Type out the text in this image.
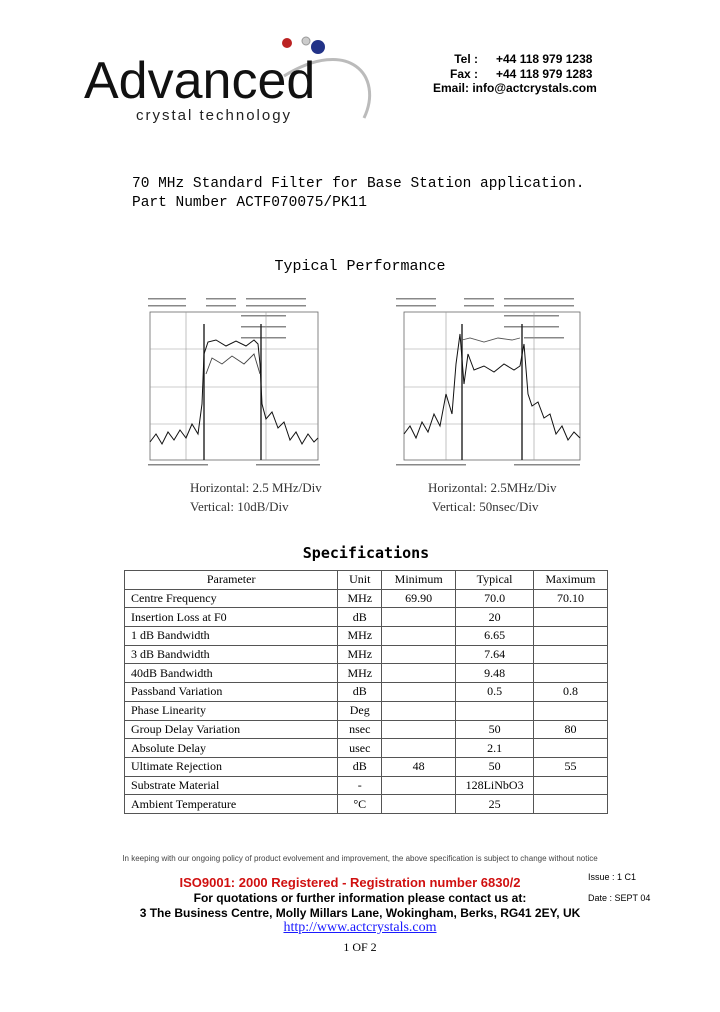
Advanced
crystal technology
Tel : +44 118 979 1238
Fax : +44 118 979 1283
Email: info@actcrystals.com
70 MHz Standard Filter for Base Station application.
Part Number ACTF070075/PK11
Typical Performance
Horizontal: 2.5 MHz/Div
Vertical: 10dB/Div
Horizontal: 2.5MHz/Div
Vertical: 50nsec/Div
Specifications
Parameter	Unit	Minimum	Typical	Maximum
Centre Frequency	MHz	69.90	70.0	70.10
Insertion Loss at F0	dB		20	
1 dB Bandwidth	MHz		6.65	
3 dB Bandwidth	MHz		7.64	
40dB Bandwidth	MHz		9.48	
Passband Variation	dB		0.5	0.8
Phase Linearity	Deg			
Group Delay Variation	nsec		50	80
Absolute Delay	usec		2.1	
Ultimate Rejection	dB	48	50	55
Substrate Material	-		128LiNbO3	
Ambient Temperature	°C		25	
In keeping with our ongoing policy of product evolvement and improvement, the above specification is subject to change without notice
Issue : 1 C1
ISO9001: 2000 Registered - Registration number 6830/2
Date : SEPT 04
For quotations or further information please contact us at:
3 The Business Centre, Molly Millars Lane, Wokingham, Berks, RG41 2EY, UK
http://www.actcrystals.com
1 OF 2
